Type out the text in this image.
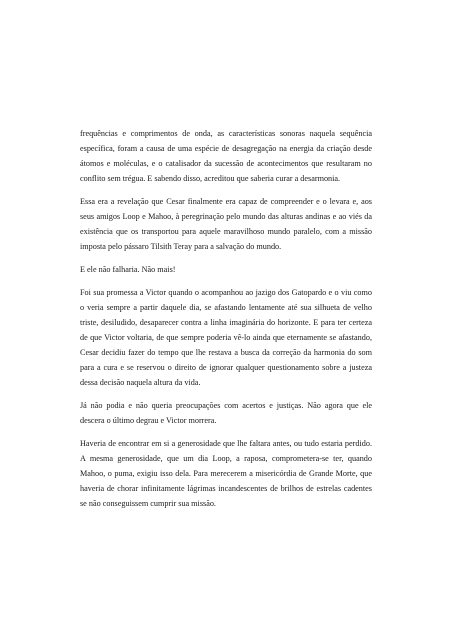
frequências e comprimentos de onda, as características sonoras naquela sequência específica, foram a causa de uma espécie de desagregação na energia da criação desde átomos e moléculas, e o catalisador da sucessão de acontecimentos que resultaram no conflito sem trégua. E sabendo disso, acreditou que saberia curar a desarmonia.

Essa era a revelação que Cesar finalmente era capaz de compreender e o levara e, aos seus amigos Loop e Mahoo, à peregrinação pelo mundo das alturas andinas e ao viés da existência que os transportou para aquele maravilhoso mundo paralelo, com a missão imposta pelo pássaro Tilsith Teray para a salvação do mundo.

E ele não falharia. Não mais!

Foi sua promessa a Victor quando o acompanhou ao jazigo dos Gatopardo e o viu como o veria sempre a partir daquele dia, se afastando lentamente até sua silhueta de velho triste, desiludido, desaparecer contra a linha imaginária do horizonte. E para ter certeza de que Victor voltaria, de que sempre poderia vê-lo ainda que eternamente se afastando, Cesar decidiu fazer do tempo que lhe restava a busca da correção da harmonia do som para a cura e se reservou o direito de ignorar qualquer questionamento sobre a justeza dessa decisão naquela altura da vida.

Já não podia e não queria preocupações com acertos e justiças. Não agora que ele descera o último degrau e Victor morrera.

Haveria de encontrar em si a generosidade que lhe faltara antes, ou tudo estaria perdido. A mesma generosidade, que um dia Loop, a raposa, comprometera-se ter, quando Mahoo, o puma, exigiu isso dela. Para merecerem a misericórdia de Grande Morte, que haveria de chorar infinitamente lágrimas incandescentes de brilhos de estrelas cadentes se não conseguissem cumprir sua missão.
